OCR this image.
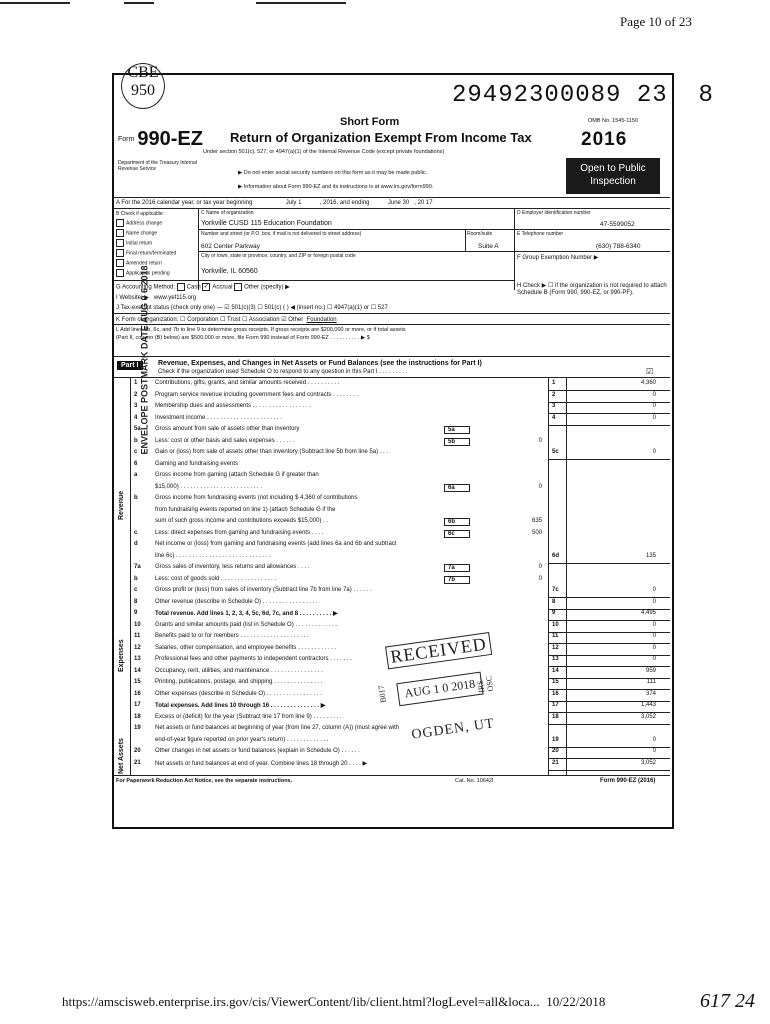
Page 10 of 23
CBE 950	29492300089 23 8
Form 990-EZ
Department of the Treasury Internal Revenue Service
Short Form
Return of Organization Exempt From Income Tax
Under section 501(c), 527, or 4947(a)(1) of the Internal Revenue Code (except private foundations)
▶ Do not enter social security numbers on this form as it may be made public.
▶ Information about Form 990-EZ and its instructions is at www.irs.gov/form990.
OMB No. 1545-1150
2016
Open to Public Inspection
A For the 2016 calendar year, or tax year beginning	July 1	, 2016, and ending	June 30 , 20 17
B Check if applicable:
Address change
Name change
Initial return
Final return/terminated
Amended return
Application pending
C Name of organization
Yorkville CUSD 115 Education Foundation
Number and street (or P.O. box, if mail is not delivered to street address)	Room/suite
602 Center Parkway	Suite A
City or town, state or province, country, and ZIP or foreign postal code
Yorkville, IL 60560
D Employer identification number
47-5599052
E Telephone number
(630) 788-6340
F Group Exemption Number ▶
G Accounting Method: Cash ✓ Accrual Other (specify) ▶	H Check ▶ ☐ if the organization is not required to attach Schedule B (Form 990, 990-EZ, or 990-PF).
I Website: ▶ www.yef115.org
J Tax-exempt status (check only one) — ☑ 501(c)(3) ☐ 501(c) ( ) ◀ (insert no.) ☐ 4947(a)(1) or ☐ 527
K Form of organization: ☐ Corporation ☐ Trust ☐ Association ☑ Other Foundation
L Add lines 5b, 6c, and 7b to line 9 to determine gross receipts. If gross receipts are $200,000 or more, or if total assets
(Part II, column (B) below) are $500,000 or more, file Form 990 instead of Form 990-EZ . . . . . . . . . . ▶ $
Part I	Revenue, Expenses, and Changes in Net Assets or Fund Balances (see the instructions for Part I)
Check if the organization used Schedule O to respond to any question in this Part I . . . . . . . . .	☑
1	Contributions, gifts, grants, and similar amounts received . . . . . . . . . .	1	4,360
2	Program service revenue including government fees and contracts . . . . . . . .	2	0
3	Membership dues and assessments . . . . . . . . . . . . . . . . . .	3	0
4	Investment income . . . . . . . . . . . . . . . . . . . . . . .	4	0
5a Gross amount from sale of assets other than inventory	5a
b	Less: cost or other basis and sales expenses . . . . . .	5b	0
c	Gain or (loss) from sale of assets other than inventory (Subtract line 5b from line 5a) . . .	5c	0
6	Gaming and fundraising events
a	Gross income from gaming (attach Schedule G if greater than
$15,000) . . . . . . . . . . . . . . . . . . . . . . . . .	6a	0
b	Gross income from fundraising events (not including $ 4,360 of contributions
from fundraising events reported on line 1) (attach Schedule G if the
sum of such gross income and contributions exceeds $15,000) . .	6b	635
c	Less: direct expenses from gaming and fundraising events . . . .	6c	500
d	Net income or (loss) from gaming and fundraising events (add lines 6a and 6b and subtract
line 6c) . . . . . . . . . . . . . . . . . . . . . . . . . . . . .	6d	135
7a Gross sales of inventory, less returns and allowances . . . .	7a	0
b	Less: cost of goods sold . . . . . . . . . . . . . . . . .	7b	0
c	Gross profit or (loss) from sales of inventory (Subtract line 7b from line 7a) . . . . . .	7c	0
8	Other revenue (describe in Schedule O) . . . . . . . . . . . . . . . . .	8	0
9	Total revenue. Add lines 1, 2, 3, 4, 5c, 6d, 7c, and 8 . . . . . . . . . . ▶	9	4,495
10 Grants and similar amounts paid (list in Schedule O) . . . . . . . . . . . . .	10	0
11 Benefits paid to or for members . . . . . . . . . . . . . . . . . . . . .	11	0
12 Salaries, other compensation, and employee benefits . . . . . . . . . . . .	12	0
13 Professional fees and other payments to independent contractors . . . . . . .	13	0
14 Occupancy, rent, utilities, and maintenance . . . . . . . . . . . . . . . .	14	959
15 Printing, publications, postage, and shipping . . . . . . . . . . . . . . .	15	111
16 Other expenses (describe in Schedule O) . . . . . . . . . . . . . . . . .	16	374
17 Total expenses. Add lines 10 through 16 . . . . . . . . . . . . . . . ▶	17	1,443
18 Excess or (deficit) for the year (Subtract line 17 from line 9) . . . . . . . . .	18	3,052
19 Net assets or fund balances at beginning of year (from line 27, column (A)) (must agree with
end-of-year figure reported on prior year's return) . . . . . . . . . . . . .	19	0
20 Other changes in net assets or fund balances (explain in Schedule O) . . . . . .	20	0
21 Net assets or fund balances at end of year. Combine lines 18 through 20 . . . . ▶	21	3,052
Revenue
Expenses
Net Assets
For Paperwork Reduction Act Notice, see the separate instructions.	Cat. No. 10642I	Form 990-EZ (2016)
RECEIVED
AUG 1 0 2018
OGDEN, UT
B017	IRS-OSC
ENVELOPE POSTMARK DATE AUG 0 6 2018
https://amscisweb.enterprise.irs.gov/cis/ViewerContent/lib/client.html?logLevel=all&loca... 10/22/2018	617 24
